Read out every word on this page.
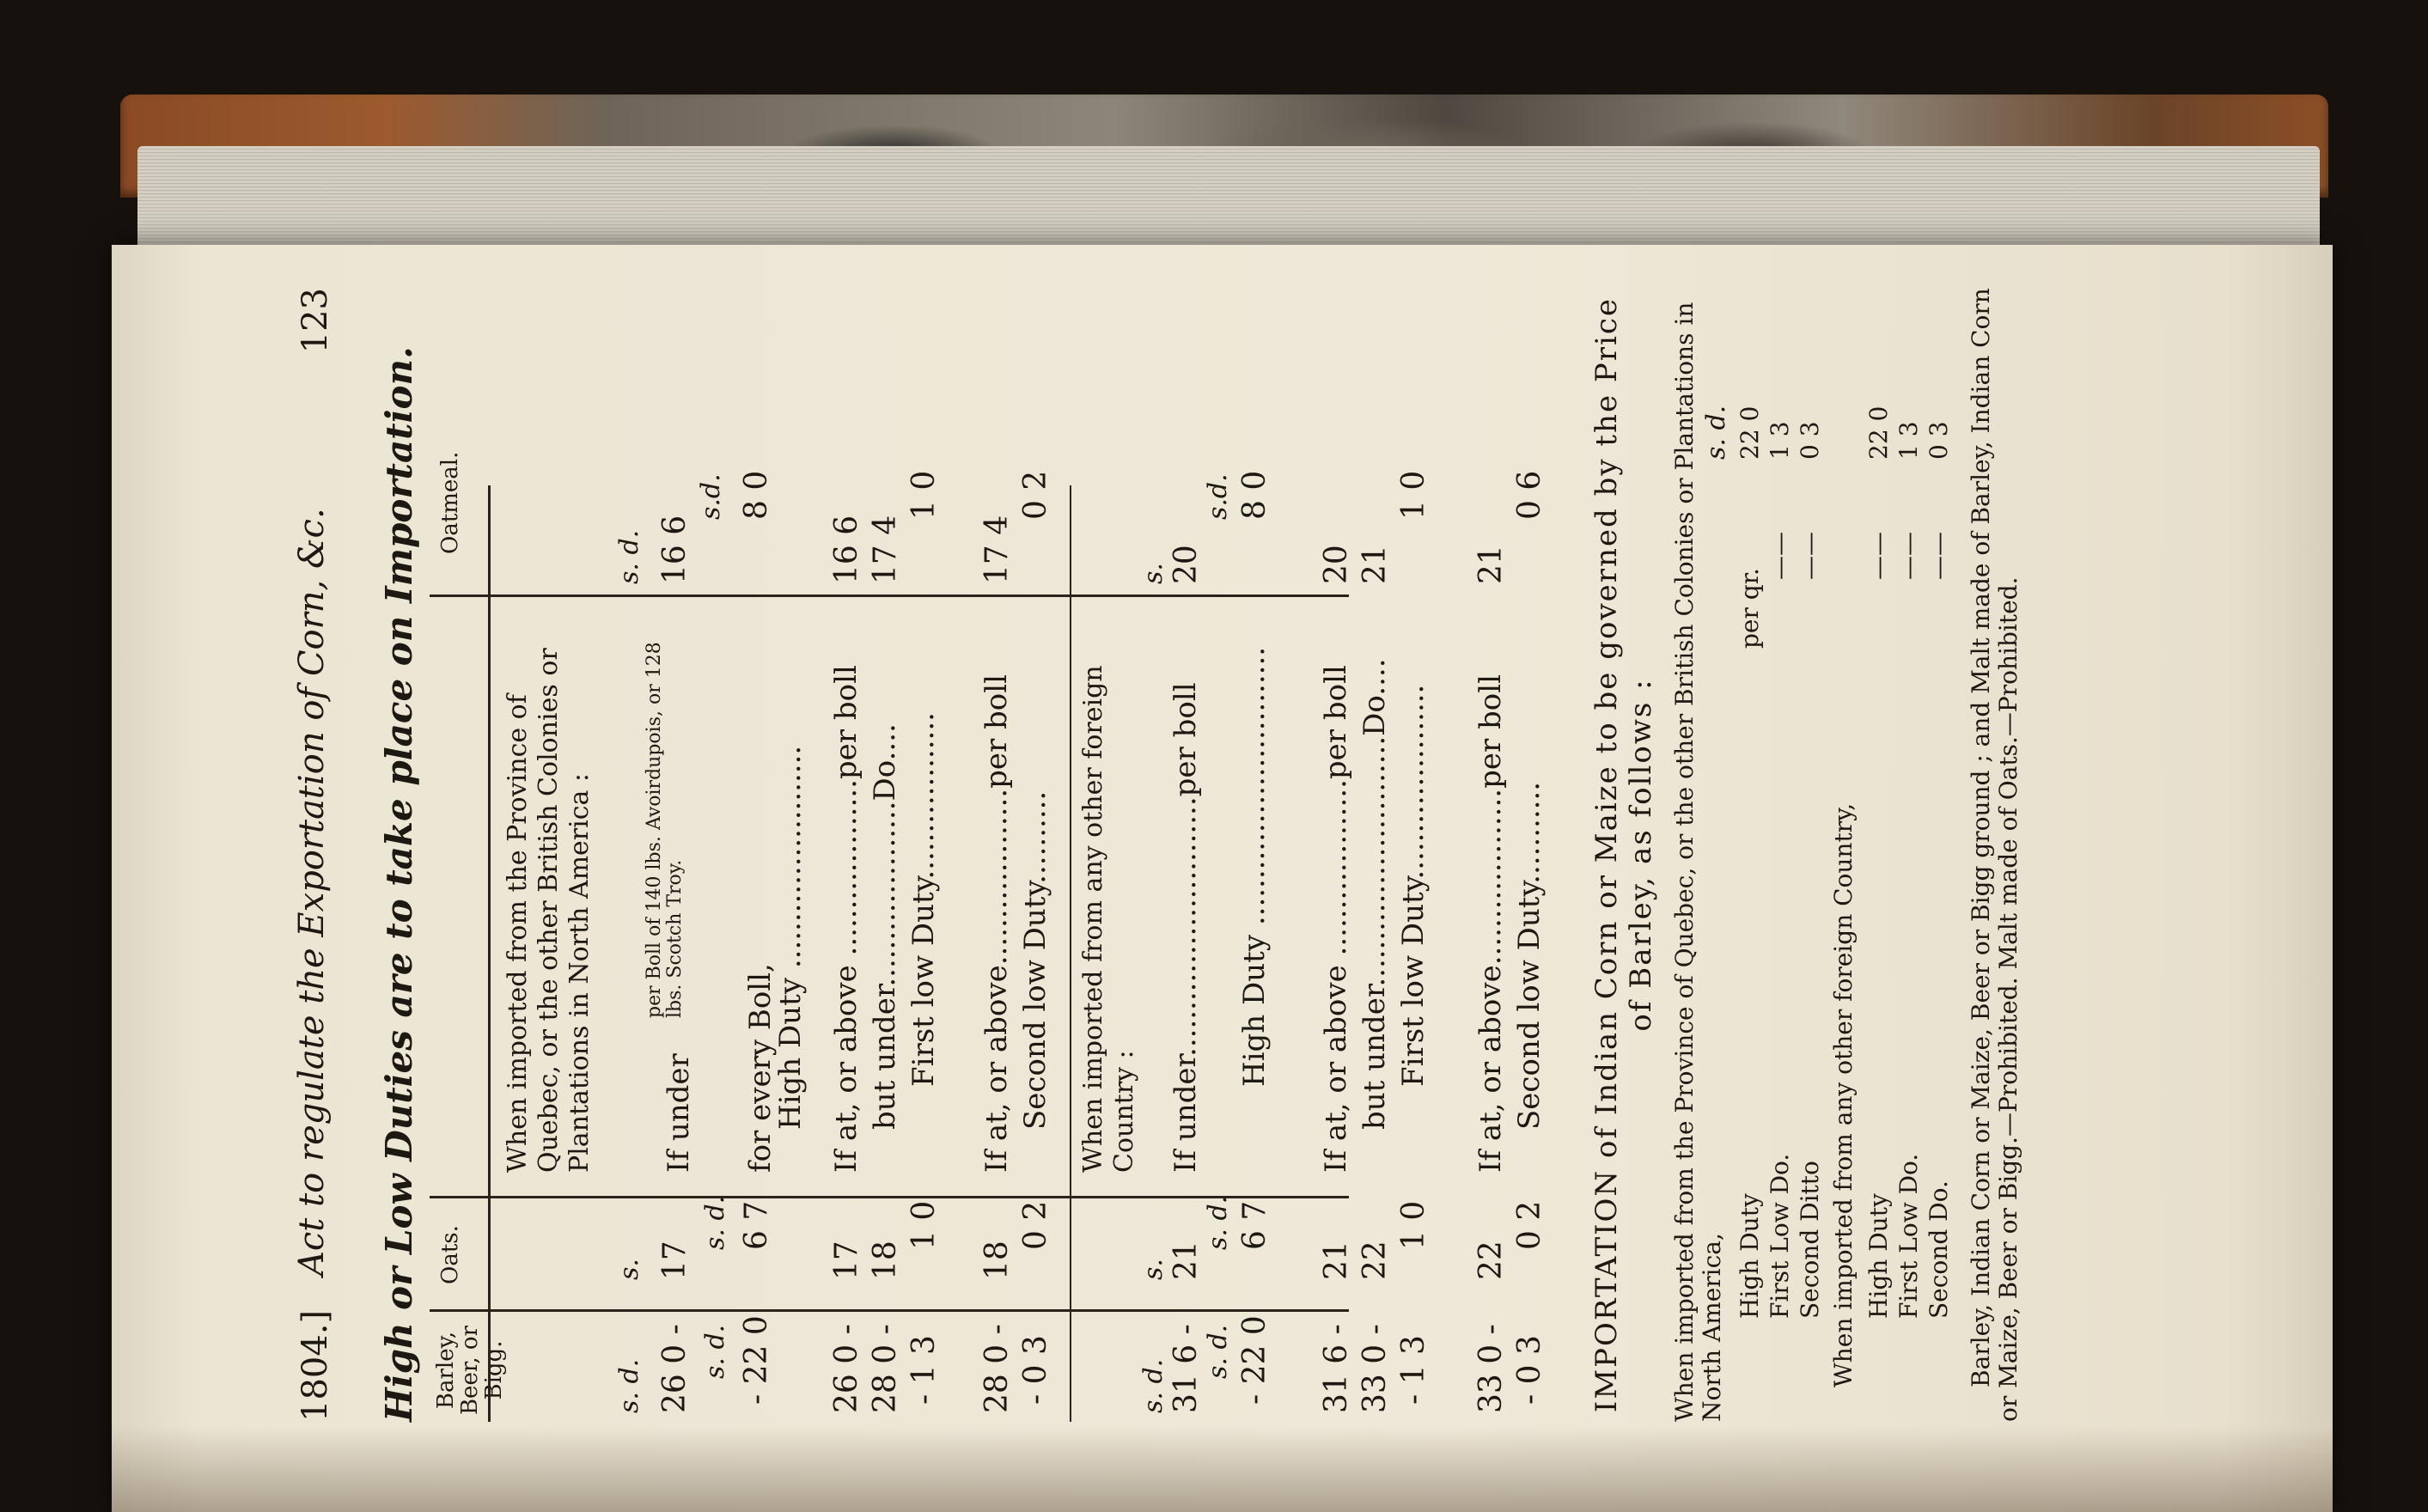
1804.]
Act to regulate the Exportation of Corn, &c.
123
High or Low Duties are to take place on Importation. Barley, Beer, or Bigg.
Oats.
Oatmeal.
When imported from the Province of Quebec, or the other British Colonies or Plantations in North America :
s. d.
s.
s. d.
26 0 -
17
If under
per Boll of 140 lbs. Avoirdupois, or 128 lbs. Scotch Troy.
16 6
s. d.
s. d.
s.d.
- 22 0
6 7
for every Boll,
8 0
High Duty ........................
26 0 -
17
If at, or above ...................per boll
16 6
28 0 -
18
but under....................Do....
17 4
- 1 3
1 0
First low Duty..................
1 0
28 0 -
18
If at, or above...................per boll
17 4
- 0 3
0 2
Second low Duty..........
0 2
When imported from any other foreign Country :
s. d.
s.
s.
31 6 -
21
If under............................per boll
20
s. d.
s. d.
s.d.
- 22 0
6 7
High Duty ..............................
8 0
31 6 -
21
If at, or above ...................per boll
20
33 0 -
22
but under...........................Do....
21
- 1 3
1 0
First low Duty.....................
1 0
33 0 -
22
If at, or above...................per boll
21
- 0 3
0 2
Second low Duty...........
0 6 IMPORTATION of Indian Corn or Maize to be governed by the Price of Barley, as follows : When imported from the Province of Quebec, or the other British Colonies or Plantations in North America,
s. d.
High Duty
per qr.
22 0
First Low Do.
——
1 3
Second Ditto
——
0 3
When imported from any other foreign Country, High Duty
——
22 0
First Low Do.
——
1 3
Second Do.
——
0 3 Barley, Indian Corn or Maize, Beer or Bigg ground ; and Malt made of Barley, Indian Corn or Maize, Beer or Bigg.—Prohibited. Malt made of Oats.—Prohibited.
